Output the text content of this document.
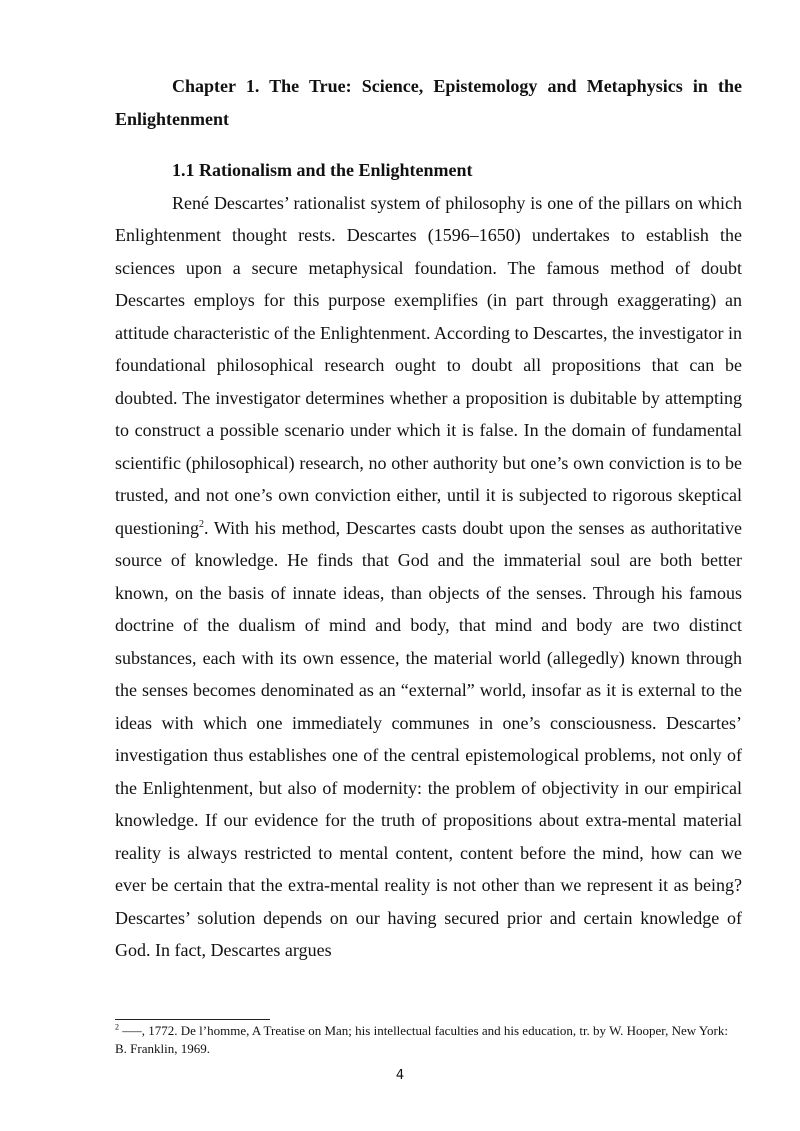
Chapter 1. The True: Science, Epistemology and Metaphysics in the Enlightenment

1.1 Rationalism and the Enlightenment

René Descartes’ rationalist system of philosophy is one of the pillars on which Enlightenment thought rests. Descartes (1596–1650) undertakes to establish the sciences upon a secure metaphysical foundation. The famous method of doubt Descartes employs for this purpose exemplifies (in part through exaggerating) an attitude characteristic of the Enlightenment. According to Descartes, the investigator in foundational philosophical research ought to doubt all propositions that can be doubted. The investigator determines whether a proposition is dubitable by attempting to construct a possible scenario under which it is false. In the domain of fundamental scientific (philosophical) research, no other authority but one’s own conviction is to be trusted, and not one’s own conviction either, until it is subjected to rigorous skeptical questioning$^2$. With his method, Descartes casts doubt upon the senses as authoritative source of knowledge. He finds that God and the immaterial soul are both better known, on the basis of innate ideas, than objects of the senses. Through his famous doctrine of the dualism of mind and body, that mind and body are two distinct substances, each with its own essence, the material world (allegedly) known through the senses becomes denominated as an “external” world, insofar as it is external to the ideas with which one immediately communes in one’s consciousness. Descartes’ investigation thus establishes one of the central epistemological problems, not only of the Enlightenment, but also of modernity: the problem of objectivity in our empirical knowledge. If our evidence for the truth of propositions about extra-mental material reality is always restricted to mental content, content before the mind, how can we ever be certain that the extra-mental reality is not other than we represent it as being? Descartes’ solution depends on our having secured prior and certain knowledge of God. In fact, Descartes argues

$^2$ —–, 1772. De l’homme, A Treatise on Man; his intellectual faculties and his education, tr. by W. Hooper, New York: B. Franklin, 1969.

4
